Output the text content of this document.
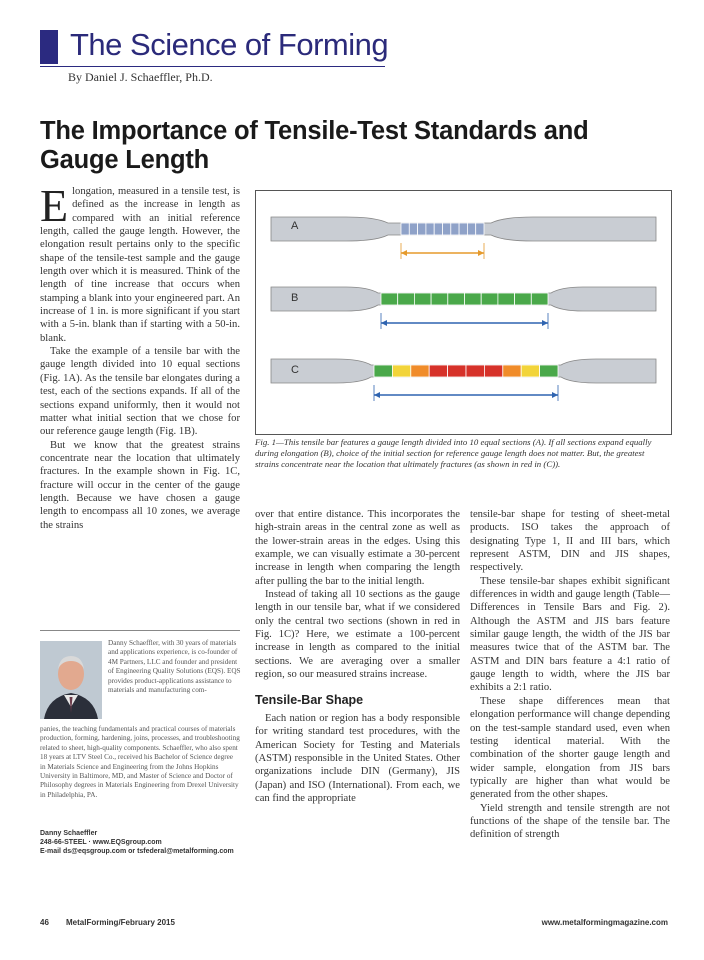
The Science of Forming
By Daniel J. Schaeffler, Ph.D.
The Importance of Tensile-Test Standards and Gauge Length

Elongation, measured in a tensile test, is defined as the increase in length as compared with an initial reference length, called the gauge length. However, the elongation result pertains only to the specific shape of the tensile-test sample and the gauge length over which it is measured. Think of the length of tine increase that occurs when stamping a blank into your engineered part. An increase of 1 in. is more significant if you start with a 5-in. blank than if starting with a 50-in. blank.

Take the example of a tensile bar with the gauge length divided into 10 equal sections (Fig. 1A). As the tensile bar elongates during a test, each of the sections expands. If all of the sections expand uniformly, then it would not matter what initial section that we chose for our reference gauge length (Fig. 1B).

But we know that the greatest strains concentrate near the location that ultimately fractures. In the example shown in Fig. 1C, fracture will occur in the center of the gauge length. Because we have chosen a gauge length to encompass all 10 zones, we average the strains

A
B
C
Fig. 1—This tensile bar features a gauge length divided into 10 equal sections (A). If all sections expand equally during elongation (B), choice of the initial section for reference gauge length does not matter. But, the greatest strains concentrate near the location that ultimately fractures (as shown in red in (C)).

over that entire distance. This incorporates the high-strain areas in the central zone as well as the lower-strain areas in the edges. Using this example, we can visually estimate a 30-percent increase in length when comparing the length after pulling the bar to the initial length.

Instead of taking all 10 sections as the gauge length in our tensile bar, what if we considered only the central two sections (shown in red in Fig. 1C)? Here, we estimate a 100-percent increase in length as compared to the initial sections. We are averaging over a smaller region, so our measured strains increase.

Tensile-Bar Shape

Each nation or region has a body responsible for writing standard test procedures, with the American Society for Testing and Materials (ASTM) responsible in the United States. Other organizations include DIN (Germany), JIS (Japan) and ISO (International). From each, we can find the appropriate

tensile-bar shape for testing of sheet-metal products. ISO takes the approach of designating Type 1, II and III bars, which represent ASTM, DIN and JIS shapes, respectively.

These tensile-bar shapes exhibit significant differences in width and gauge length (Table—Differences in Tensile Bars and Fig. 2). Although the ASTM and JIS bars feature similar gauge length, the width of the JIS bar measures twice that of the ASTM bar. The ASTM and DIN bars feature a 4:1 ratio of gauge length to width, where the JIS bar exhibits a 2:1 ratio.

These shape differences mean that elongation performance will change depending on the test-sample standard used, even when testing identical material. With the combination of the shorter gauge length and wider sample, elongation from JIS bars typically are higher than what would be generated from the other shapes.

Yield strength and tensile strength are not functions of the shape of the tensile bar. The definition of strength

Danny Schaeffler, with 30 years of materials and applications experience, is co-founder of 4M Partners, LLC and founder and president of Engineering Quality Solutions (EQS). EQS provides product-applications assistance to materials and manufacturing com-
panies, the teaching fundamentals and practical courses of materials production, forming, hardening, joins, processes, and troubleshooting related to sheet, high-quality components. Schaeffler, who also spent 18 years at LTV Steel Co., received his Bachelor of Science degree in Materials Science and Engineering from the Johns Hopkins University in Baltimore, MD, and Master of Science and Doctor of Philosophy degrees in Materials Engineering from Drexel University in Philadelphia, PA.
Danny Schaeffler
248-66-STEEL · www.EQSgroup.com
E-mail ds@eqsgroup.com or tsfederal@metalforming.com
46 MetalForming/February 2015	www.metalformingmagazine.com
